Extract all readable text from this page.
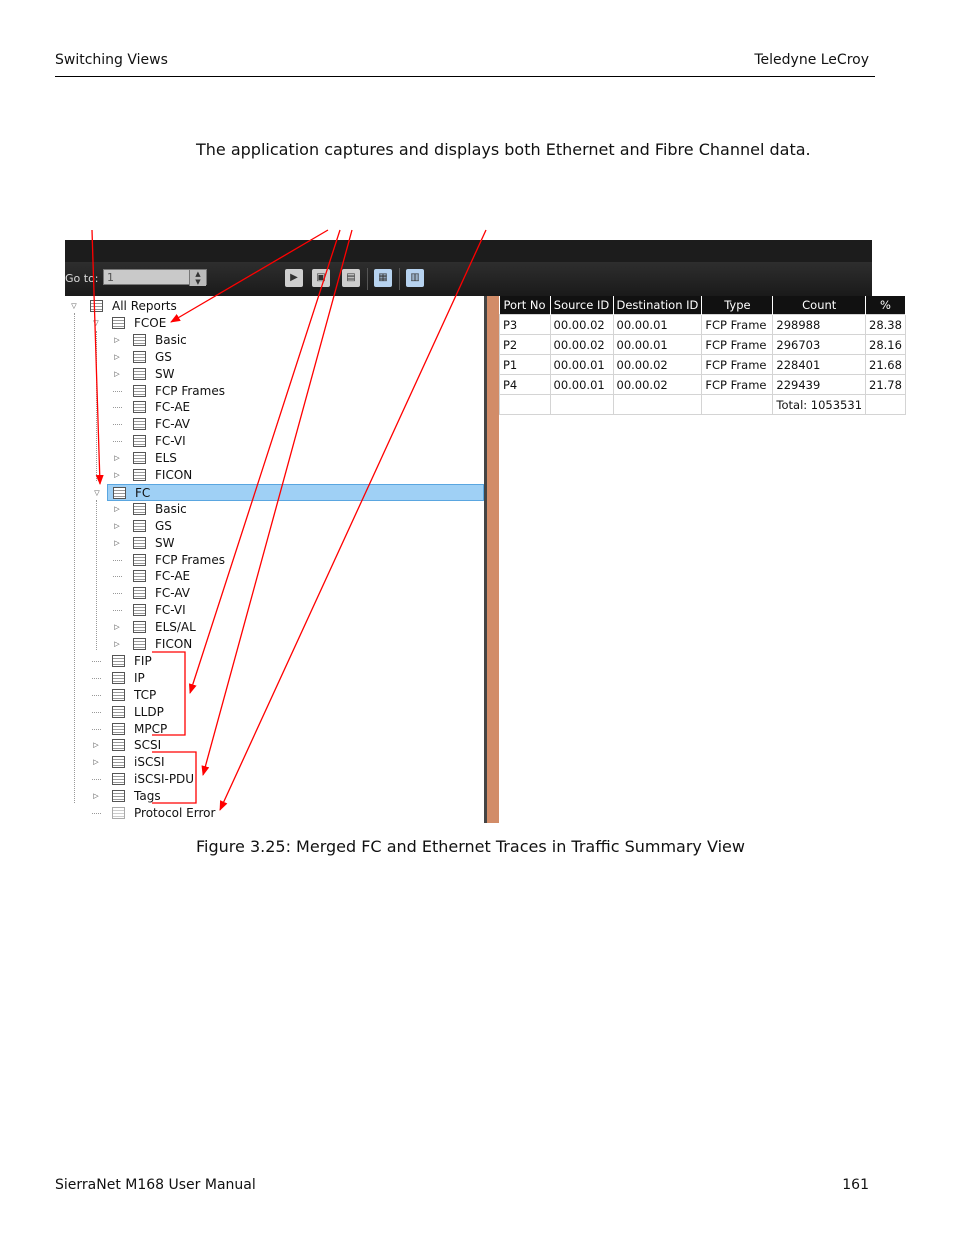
Switching Views	Teledyne LeCroy
The application captures and displays both Ethernet and Fibre Channel data.
Go to:
1	▲
▼	▶	▣	▤	▦	▥
▽	All Reports
▽	FCOE
▷	Basic
▷	GS
▷	SW
FCP Frames
FC-AE
FC-AV
FC-VI
▷	ELS
▷	FICON
▽	FC
▷	Basic
▷	GS
▷	SW
FCP Frames
FC-AE
FC-AV
FC-VI
▷	ELS/AL
▷	FICON
FIP
IP
TCP
LLDP
MPCP
▷	SCSI
▷	iSCSI
iSCSI-PDU
▷	Tags
Protocol Error
Port No	Source ID	Destination ID	Type	Count	%
P3	00.00.02	00.00.01	FCP Frame	298988	28.38
P2	00.00.02	00.00.01	FCP Frame	296703	28.16
P1	00.00.01	00.00.02	FCP Frame	228401	21.68
P4	00.00.01	00.00.02	FCP Frame	229439	21.78
				Total: 1053531	
Figure 3.25: Merged FC and Ethernet Traces in Traffic Summary View
SierraNet M168 User Manual	161
